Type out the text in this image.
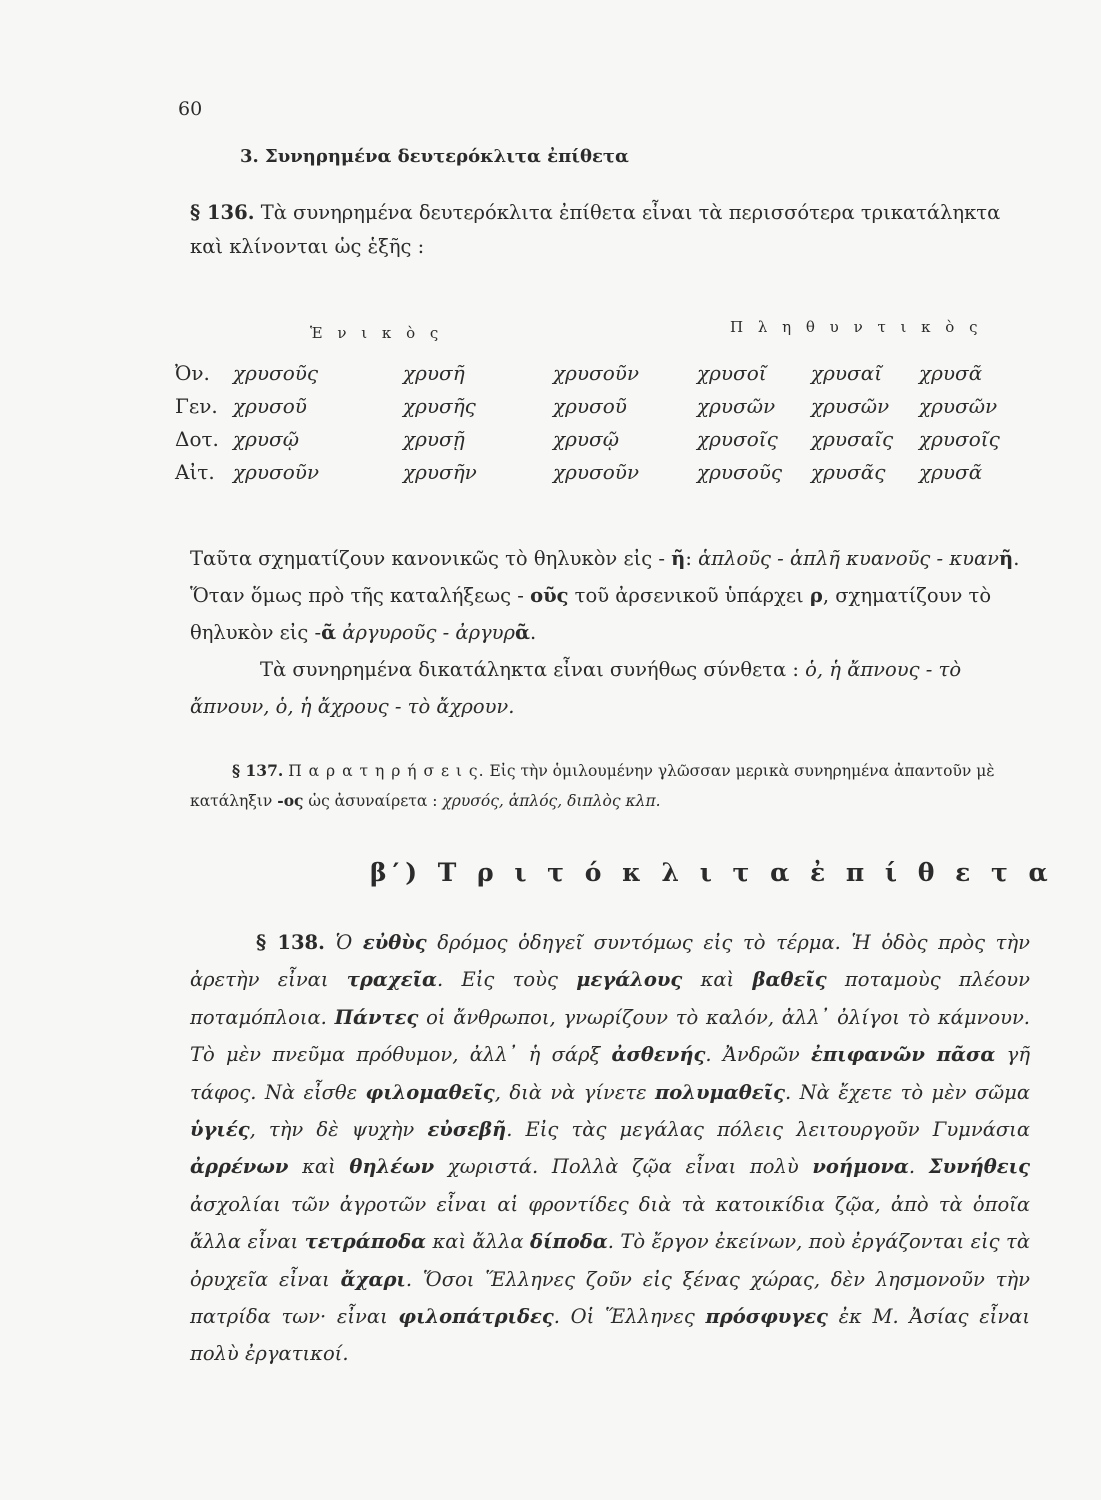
60
3. Συνηρημένα δευτερόκλιτα ἐπίθετα
§ 136. Τὰ συνηρημένα δευτερόκλιτα ἐπίθετα εἶναι τὰ περισσότερα τρικατάληκτα καὶ κλίνονται ὡς ἑξῆς :
Ἑ ν ι κ ὸ ς	Π λ η θ υ ν τ ι κ ὸ ς
Ὀν.	χρυσοῦς	χρυσῆ	χρυσοῦν	χρυσοῖ	χρυσαῖ	χρυσᾶ
Γεν.	χρυσοῦ	χρυσῆς	χρυσοῦ	χρυσῶν	χρυσῶν	χρυσῶν
Δοτ.	χρυσῷ	χρυσῇ	χρυσῷ	χρυσοῖς	χρυσαῖς	χρυσοῖς
Αἰτ.	χρυσοῦν	χρυσῆν	χρυσοῦν	χρυσοῦς	χρυσᾶς	χρυσᾶ
Ταῦτα σχηματίζουν κανονικῶς τὸ θηλυκὸν εἰς - ῆ: ἁπλοῦς - ἁπλῆ κυανοῦς - κυανῆ. Ὅταν ὅμως πρὸ τῆς καταλήξεως - οῦς τοῦ ἀρσενικοῦ ὑπάρχει ρ, σχηματίζουν τὸ θηλυκὸν εἰς -ᾶ ἀργυροῦς - ἀργυρᾶ.
Τὰ συνηρημένα δικατάληκτα εἶναι συνήθως σύνθετα : ὁ, ἡ ἄπνους - τὸ ἄπνουν, ὁ, ἡ ἄχρους - τὸ ἄχρουν.
§ 137. Π α ρ α τ η ρ ή σ ε ι ς. Εἰς τὴν ὁμιλουμένην γλῶσσαν μερικὰ συνηρημένα ἀπαντοῦν μὲ κατάληξιν -ος ὡς ἀσυναίρετα : χρυσός, ἁπλός, διπλὸς κλπ.
β′) Τ ρ ι τ ό κ λ ι τ α ἐ π ί θ ε τ α
§ 138. Ὁ εὐθὺς δρόμος ὁδηγεῖ συντόμως εἰς τὸ τέρμα. Ἡ ὁδὸς πρὸς τὴν ἀρετὴν εἶναι τραχεῖα. Εἰς τοὺς μεγάλους καὶ βαθεῖς ποταμοὺς πλέουν ποταμόπλοια. Πάντες οἱ ἄνθρωποι, γνωρίζουν τὸ καλόν, ἀλλ᾽ ὀλίγοι τὸ κάμνουν. Τὸ μὲν πνεῦμα πρόθυμον, ἀλλ᾽ ἡ σάρξ ἀσθενής. Ἀνδρῶν ἐπιφανῶν πᾶσα γῆ τάφος. Νὰ εἶσθε φιλομαθεῖς, διὰ νὰ γίνετε πολυμαθεῖς. Νὰ ἔχετε τὸ μὲν σῶμα ὑγιές, τὴν δὲ ψυχὴν εὐσεβῆ. Εἰς τὰς μεγάλας πόλεις λειτουργοῦν Γυμνάσια ἀρρένων καὶ θηλέων χωριστά. Πολλὰ ζῷα εἶναι πολὺ νοήμονα. Συνήθεις ἀσχολίαι τῶν ἀγροτῶν εἶναι αἱ φροντίδες διὰ τὰ κατοικίδια ζῷα, ἀπὸ τὰ ὁποῖα ἄλλα εἶναι τετράποδα καὶ ἄλλα δίποδα. Τὸ ἔργον ἐκείνων, ποὺ ἐργάζονται εἰς τὰ ὀρυχεῖα εἶναι ἄχαρι. Ὅσοι Ἕλληνες ζοῦν εἰς ξένας χώρας, δὲν λησμονοῦν τὴν πατρίδα των· εἶναι φιλοπάτριδες. Οἱ Ἕλληνες πρόσφυγες ἐκ Μ. Ἀσίας εἶναι πολὺ ἐργατικοί.
